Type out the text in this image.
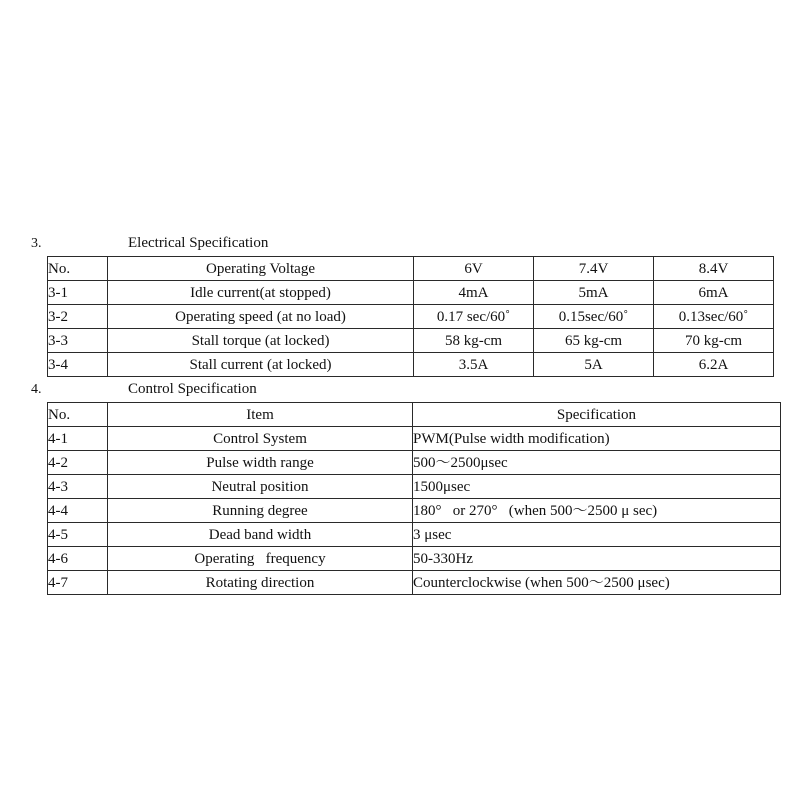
3.	Electrical Specification
No.	Operating Voltage	6V	7.4V	8.4V
3-1	Idle current(at stopped)	4mA	5mA	6mA
3-2	Operating speed (at no load)	0.17 sec/60˚	0.15sec/60˚	0.13sec/60˚
3-3	Stall torque (at locked)	58 kg-cm	65 kg-cm	70 kg-cm
3-4	Stall current (at locked)	3.5A	5A	6.2A
4.	Control Specification
No.	Item	Specification
4-1	Control System	PWM(Pulse width modification)
4-2	Pulse width range	500～2500μsec
4-3	Neutral position	1500μsec
4-4	Running degree	180°   or 270°   (when 500～2500 μ sec)
4-5	Dead band width	3 μsec
4-6	Operating   frequency	50-330Hz
4-7	Rotating direction	Counterclockwise (when 500～2500 μsec)
